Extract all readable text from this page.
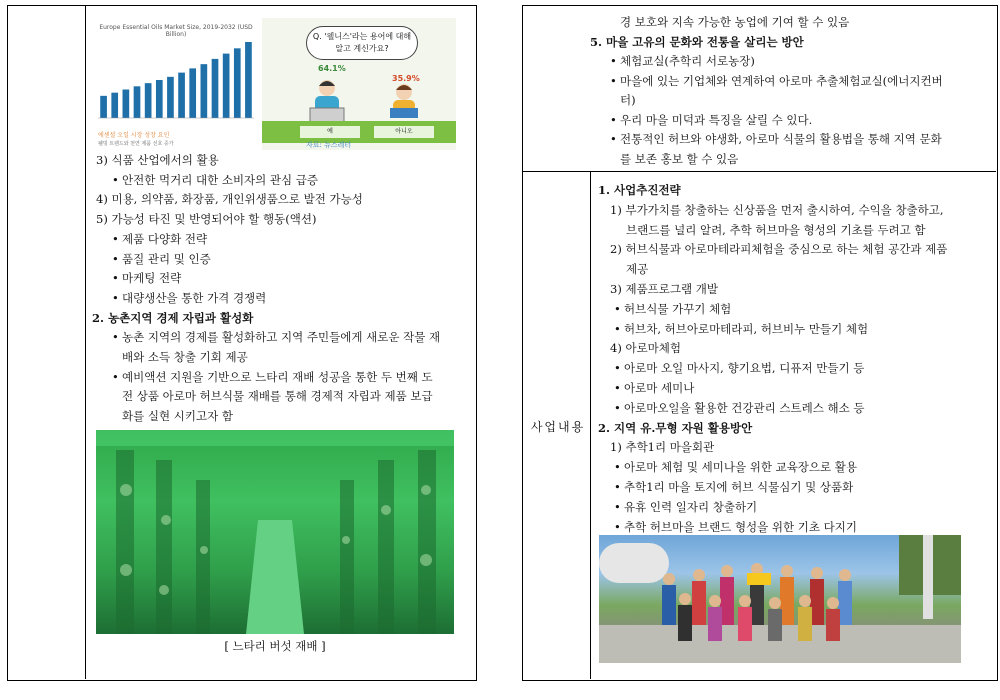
Europe Essential Oils Market Size, 2019-2032 (USD Billion)
에센셜 오일 시장 성장 요인
웰빙 트렌드와 천연 제품 선호 증가
Q. '웰니스'라는 용어에 대해
알고 계신가요?
64.1%
35.9%
예	아니오
자료: 뉴스레터
3) 식품 산업에서의 활용
• 안전한 먹거리 대한 소비자의 관심 급증
4) 미용, 의약품, 화장품, 개인위생품으로 발전 가능성
5) 가능성 타진 및 반영되어야 할 행동(액션)
• 제품 다양화 전략
• 품질 관리 및 인증
• 마케팅 전략
• 대량생산을 통한 가격 경쟁력
2. 농촌지역 경제 자립과 활성화
• 농촌 지역의 경제를 활성화하고 지역 주민들에게 새로운 작물 재
배와 소득 창출 기회 제공
• 예비액션 지원을 기반으로 느타리 재배 성공을 통한 두 번째 도
전 상품 아로마 허브식물 재배를 통해 경제적 자립과 제품 보급
화를 실현 시키고자 함
[ 느타리 버섯 재배 ]
경 보호와 지속 가능한 농업에 기여 할 수 있음
5. 마을 고유의 문화와 전통을 살리는 방안
• 체험교실(추학리 서로농장)
• 마을에 있는 기업체와 연계하여 아로마 추출체험교실(에너지컨버
터)
• 우리 마을 미덕과 특징을 살릴 수 있다.
• 전통적인 허브와 야생화, 아로마 식물의 활용법을 통해 지역 문화
를 보존 홍보 할 수 있음
사업내용
1. 사업추진전략
1) 부가가치를 창출하는 신상품을 먼저 출시하여, 수익을 창출하고,
브랜드를 널리 알려, 추학 허브마을 형성의 기초를 두려고 함
2) 허브식물과 아로마테라피체험을 중심으로 하는 체험 공간과 제품
제공
3) 제품프로그램 개발
• 허브식물 가꾸기 체험
• 허브차, 허브아로마테라피, 허브비누 만들기 체험
4) 아로마체험
• 아로마 오일 마사지, 향기요법, 디퓨저 만들기 등
• 아로마 세미나
• 아로마오일을 활용한 건강관리 스트레스 해소 등
2. 지역 유.무형 자원 활용방안
1) 추학1리 마을회관
• 아로마 체험 및 세미나을 위한 교육장으로 활용
• 추학1리 마을 토지에 허브 식물심기 및 상품화
• 유휴 인력 일자리 창출하기
• 추학 허브마을 브랜드 형성을 위한 기초 다지기
